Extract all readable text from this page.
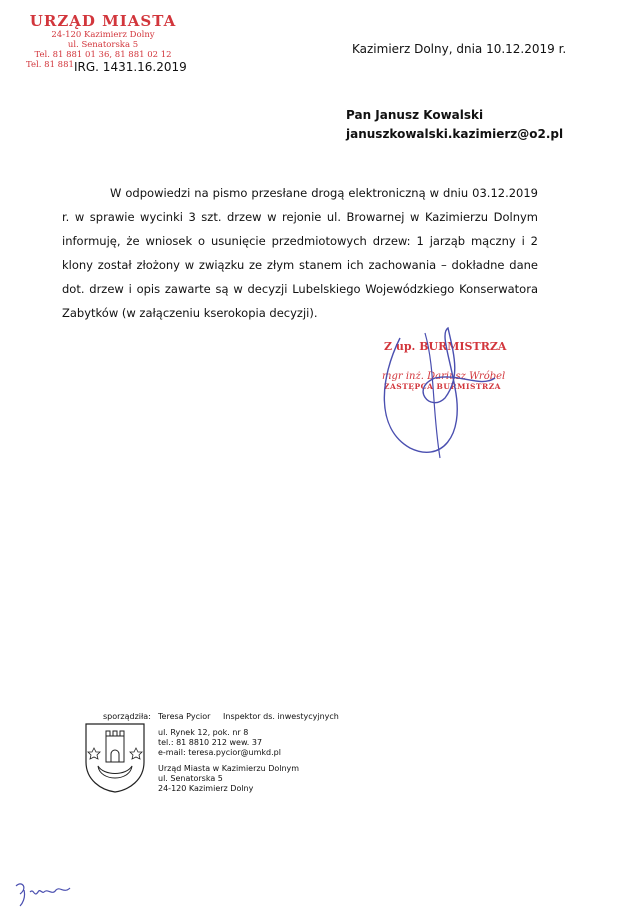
URZĄD MIASTA
24-120 Kazimierz Dolny
ul. Senatorska 5
Tel. 81 881 01 36, 81 881 02 12
Tel. 81 881 IRG. 1431.16.2019
Kazimierz Dolny, dnia 10.12.2019 r.
Pan Janusz Kowalski
januszkowalski.kazimierz@o2.pl

W odpowiedzi na pismo przesłane drogą elektroniczną w dniu 03.12.2019 r. w sprawie wycinki 3 szt. drzew w rejonie ul. Browarnej w Kazimierzu Dolnym informuję, że wniosek o usunięcie przedmiotowych drzew: 1 jarząb mączny i 2 klony został złożony w związku ze złym stanem ich zachowania – dokładne dane dot. drzew i opis zawarte są w decyzji Lubelskiego Wojewódzkiego Konserwatora Zabytków (w załączeniu kserokopia decyzji).

Z up. BURMISTRZA
mgr inż. Dariusz Wróbel
ZASTĘPCA BURMISTRZA
sporządziła: Teresa Pycior Inspektor ds. inwestycyjnych
ul. Rynek 12, pok. nr 8
tel.: 81 8810 212 wew. 37
e-mail: teresa.pycior@umkd.pl
Urząd Miasta w Kazimierzu Dolnym
ul. Senatorska 5
24-120 Kazimierz Dolny
